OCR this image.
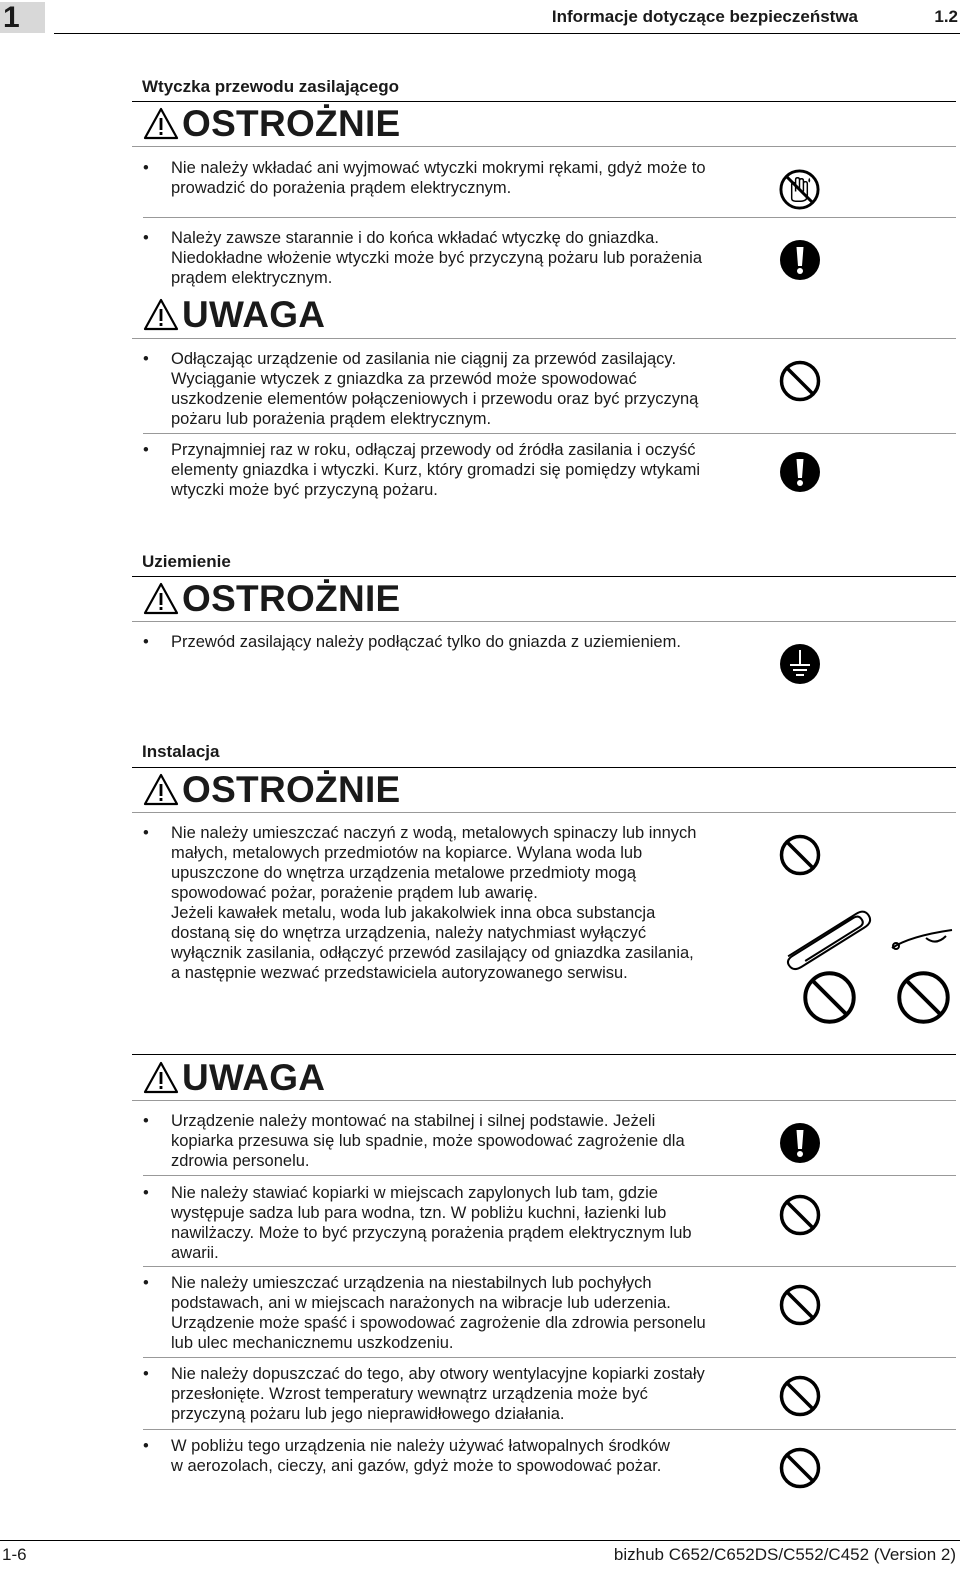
1	Informacje dotyczące bezpieczeństwa	1.2
Wtyczka przewodu zasilającego
OSTROŻNIE
• Nie należy wkładać ani wyjmować wtyczki mokrymi rękami, gdyż może to
prowadzić do porażenia prądem elektrycznym.
• Należy zawsze starannie i do końca wkładać wtyczkę do gniazdka.
Niedokładne włożenie wtyczki może być przyczyną pożaru lub porażenia
prądem elektrycznym.
UWAGA
• Odłączając urządzenie od zasilania nie ciągnij za przewód zasilający.
Wyciąganie wtyczek z gniazdka za przewód może spowodować
uszkodzenie elementów połączeniowych i przewodu oraz być przyczyną
pożaru lub porażenia prądem elektrycznym.
• Przynajmniej raz w roku, odłączaj przewody od źródła zasilania i oczyść
elementy gniazdka i wtyczki. Kurz, który gromadzi się pomiędzy wtykami
wtyczki może być przyczyną pożaru.
Uziemienie
OSTROŻNIE
• Przewód zasilający należy podłączać tylko do gniazda z uziemieniem.
Instalacja
OSTROŻNIE
• Nie należy umieszczać naczyń z wodą, metalowych spinaczy lub innych
małych, metalowych przedmiotów na kopiarce. Wylana woda lub
upuszczone do wnętrza urządzenia metalowe przedmioty mogą
spowodować pożar, porażenie prądem lub awarię.
Jeżeli kawałek metalu, woda lub jakakolwiek inna obca substancja
dostaną się do wnętrza urządzenia, należy natychmiast wyłączyć
wyłącznik zasilania, odłączyć przewód zasilający od gniazdka zasilania,
a następnie wezwać przedstawiciela autoryzowanego serwisu.
UWAGA
• Urządzenie należy montować na stabilnej i silnej podstawie. Jeżeli
kopiarka przesuwa się lub spadnie, może spowodować zagrożenie dla
zdrowia personelu.
• Nie należy stawiać kopiarki w miejscach zapylonych lub tam, gdzie
występuje sadza lub para wodna, tzn. W pobliżu kuchni, łazienki lub
nawilżaczy. Może to być przyczyną porażenia prądem elektrycznym lub
awarii.
• Nie należy umieszczać urządzenia na niestabilnych lub pochyłych
podstawach, ani w miejscach narażonych na wibracje lub uderzenia.
Urządzenie może spaść i spowodować zagrożenie dla zdrowia personelu
lub ulec mechanicznemu uszkodzeniu.
• Nie należy dopuszczać do tego, aby otwory wentylacyjne kopiarki zostały
przesłonięte. Wzrost temperatury wewnątrz urządzenia może być
przyczyną pożaru lub jego nieprawidłowego działania.
• W pobliżu tego urządzenia nie należy używać łatwopalnych środków
w aerozolach, cieczy, ani gazów, gdyż może to spowodować pożar.
1-6	bizhub C652/C652DS/C552/C452 (Version 2)
